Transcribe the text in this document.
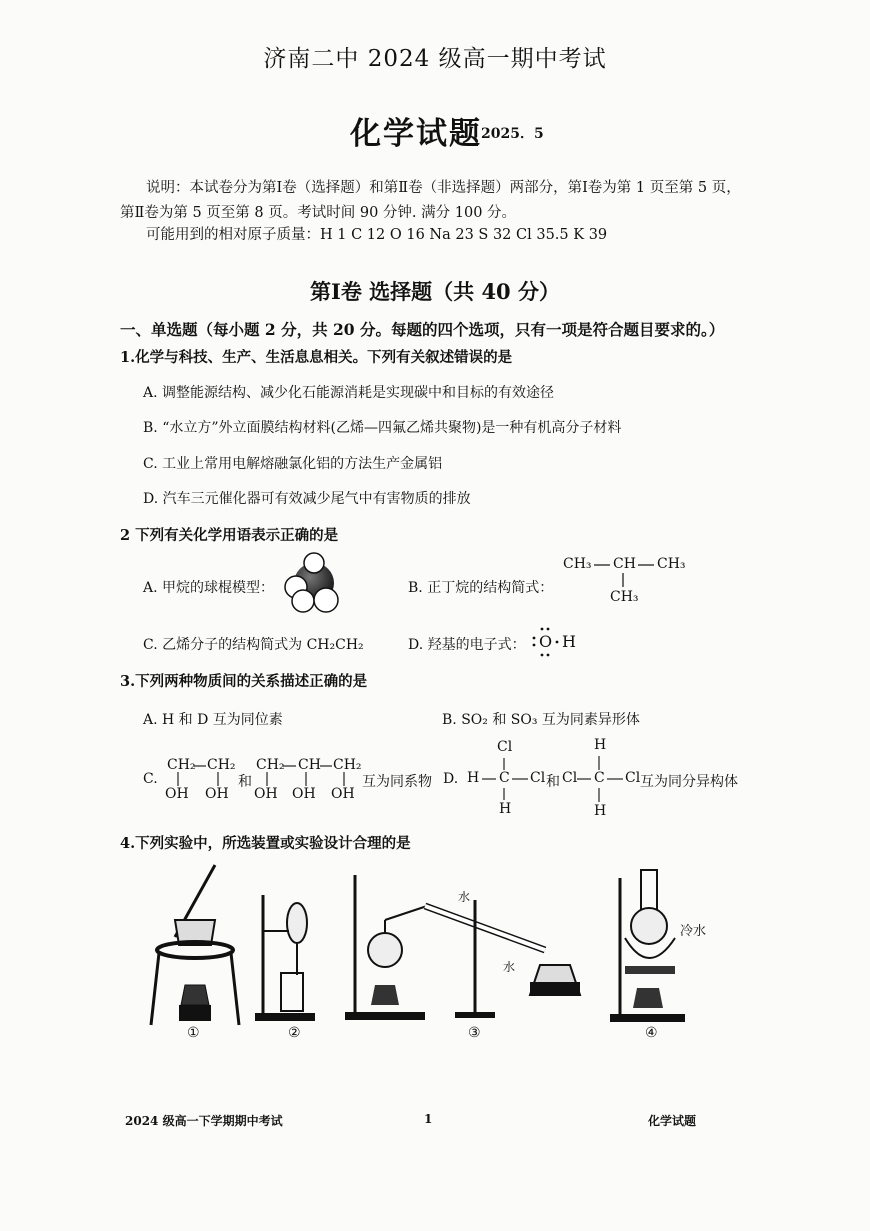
济南二中 2024 级高一期中考试
化学试题 2025．5
说明：本试卷分为第Ⅰ卷（选择题）和第Ⅱ卷（非选择题）两部分，第Ⅰ卷为第 1 页至第 5 页，
第Ⅱ卷为第 5 页至第 8 页。考试时间 90 分钟. 满分 100 分。
可能用到的相对原子质量：H 1 C 12 O 16 Na 23 S 32 Cl 35.5 K 39
第Ⅰ卷 选择题（共 40 分）
一、单选题（每小题 2 分，共 20 分。每题的四个选项，只有一项是符合题目要求的。）
1.化学与科技、生产、生活息息相关。下列有关叙述错误的是
A. 调整能源结构、减少化石能源消耗是实现碳中和目标的有效途径
B. “水立方”外立面膜结构材料(乙烯—四氟乙烯共聚物)是一种有机高分子材料
C. 工业上常用电解熔融氯化铝的方法生产金属铝
D. 汽车三元催化器可有效减少尾气中有害物质的排放
2 下列有关化学用语表示正确的是
A. 甲烷的球棍模型：	B. 正丁烷的结构简式：
CH₃ CH CH₃
CH₃
C. 乙烯分子的结构简式为 CH₂CH₂	D. 羟基的电子式： O H
3.下列两种物质间的关系描述正确的是
A. H 和 D 互为同位素	B. SO₂ 和 SO₃ 互为同素异形体
C.
CH₂ CH₂
OH OH
和
CH₂ CH CH₂
OH OH OH
互为同系物 D. H C
Cl
H
Cl 和 Cl C
H
H
Cl 互为同分异构体
4.下列实验中，所选装置或实验设计合理的是
①	②
水
水
③
冷水
④
2024 级高一下学期期中考试	1	化学试题
